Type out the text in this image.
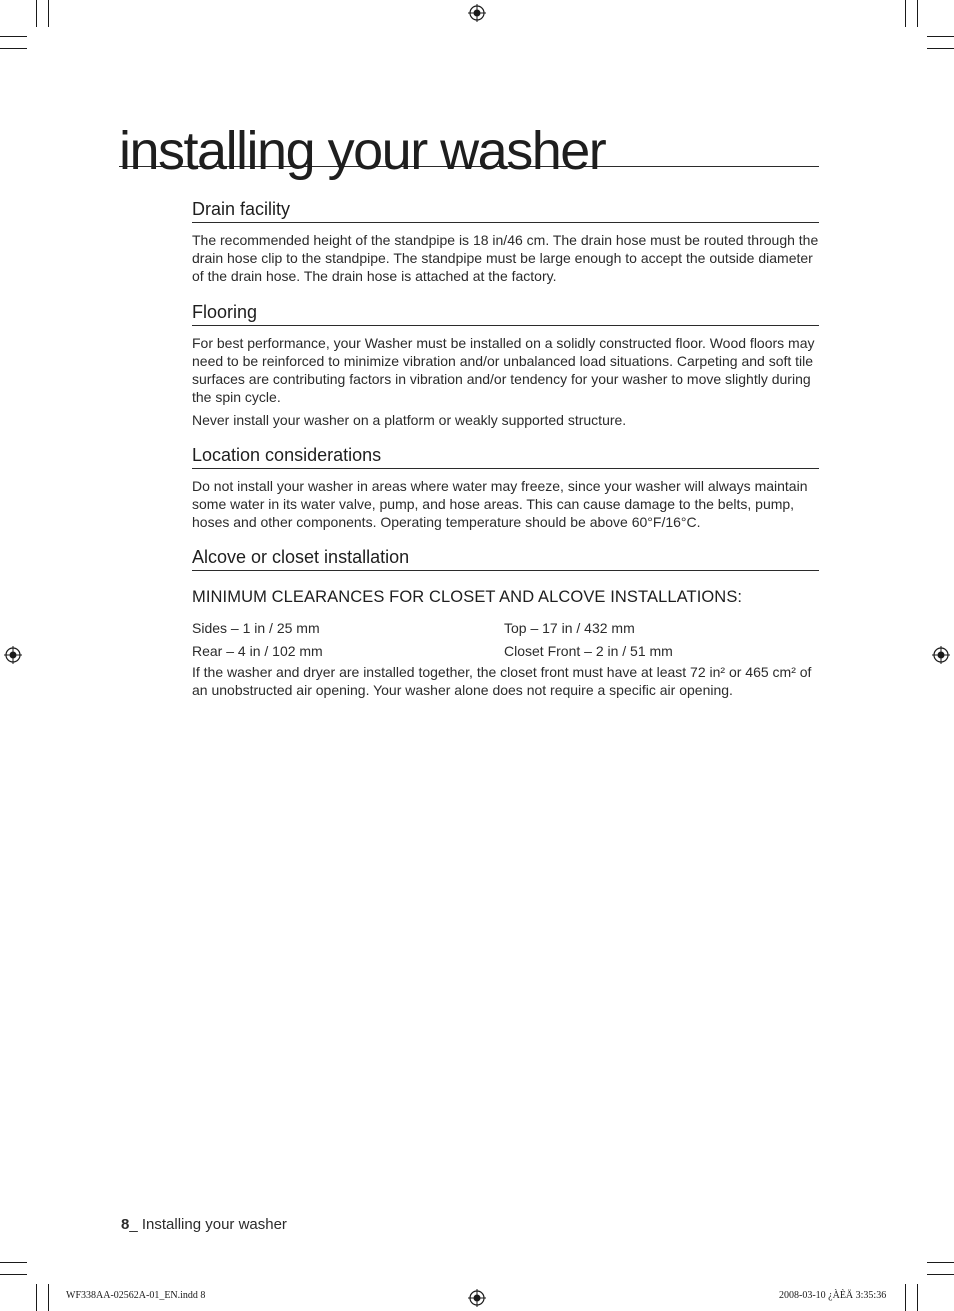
installing your washer
Drain facility

The recommended height of the standpipe is 18 in/46 cm. The drain hose must be routed through the drain hose clip to the standpipe. The standpipe must be large enough to accept the outside diameter of the drain hose. The drain hose is attached at the factory.

Flooring

For best performance, your Washer must be installed on a solidly constructed floor. Wood floors may need to be reinforced to minimize vibration and/or unbalanced load situations. Carpeting and soft tile surfaces are contributing factors in vibration and/or tendency for your washer to move slightly during the spin cycle.

Never install your washer on a platform or weakly supported structure.

Location considerations

Do not install your washer in areas where water may freeze, since your washer will always maintain some water in its water valve, pump, and hose areas. This can cause damage to the belts, pump, hoses and other components. Operating temperature should be above 60°F/16°C.

Alcove or closet installation
MINIMUM CLEARANCES FOR CLOSET AND ALCOVE INSTALLATIONS:
Sides – 1 in / 25 mm	Top – 17 in / 432 mm
Rear – 4 in / 102 mm	Closet Front – 2 in / 51 mm

If the washer and dryer are installed together, the closet front must have at least 72 in² or 465 cm² of an unobstructed air opening. Your washer alone does not require a specific air opening.

8_ Installing your washer
WF338AA-02562A-01_EN.indd 8	2008-03-10 ¿ÀÈÄ 3:35:36
